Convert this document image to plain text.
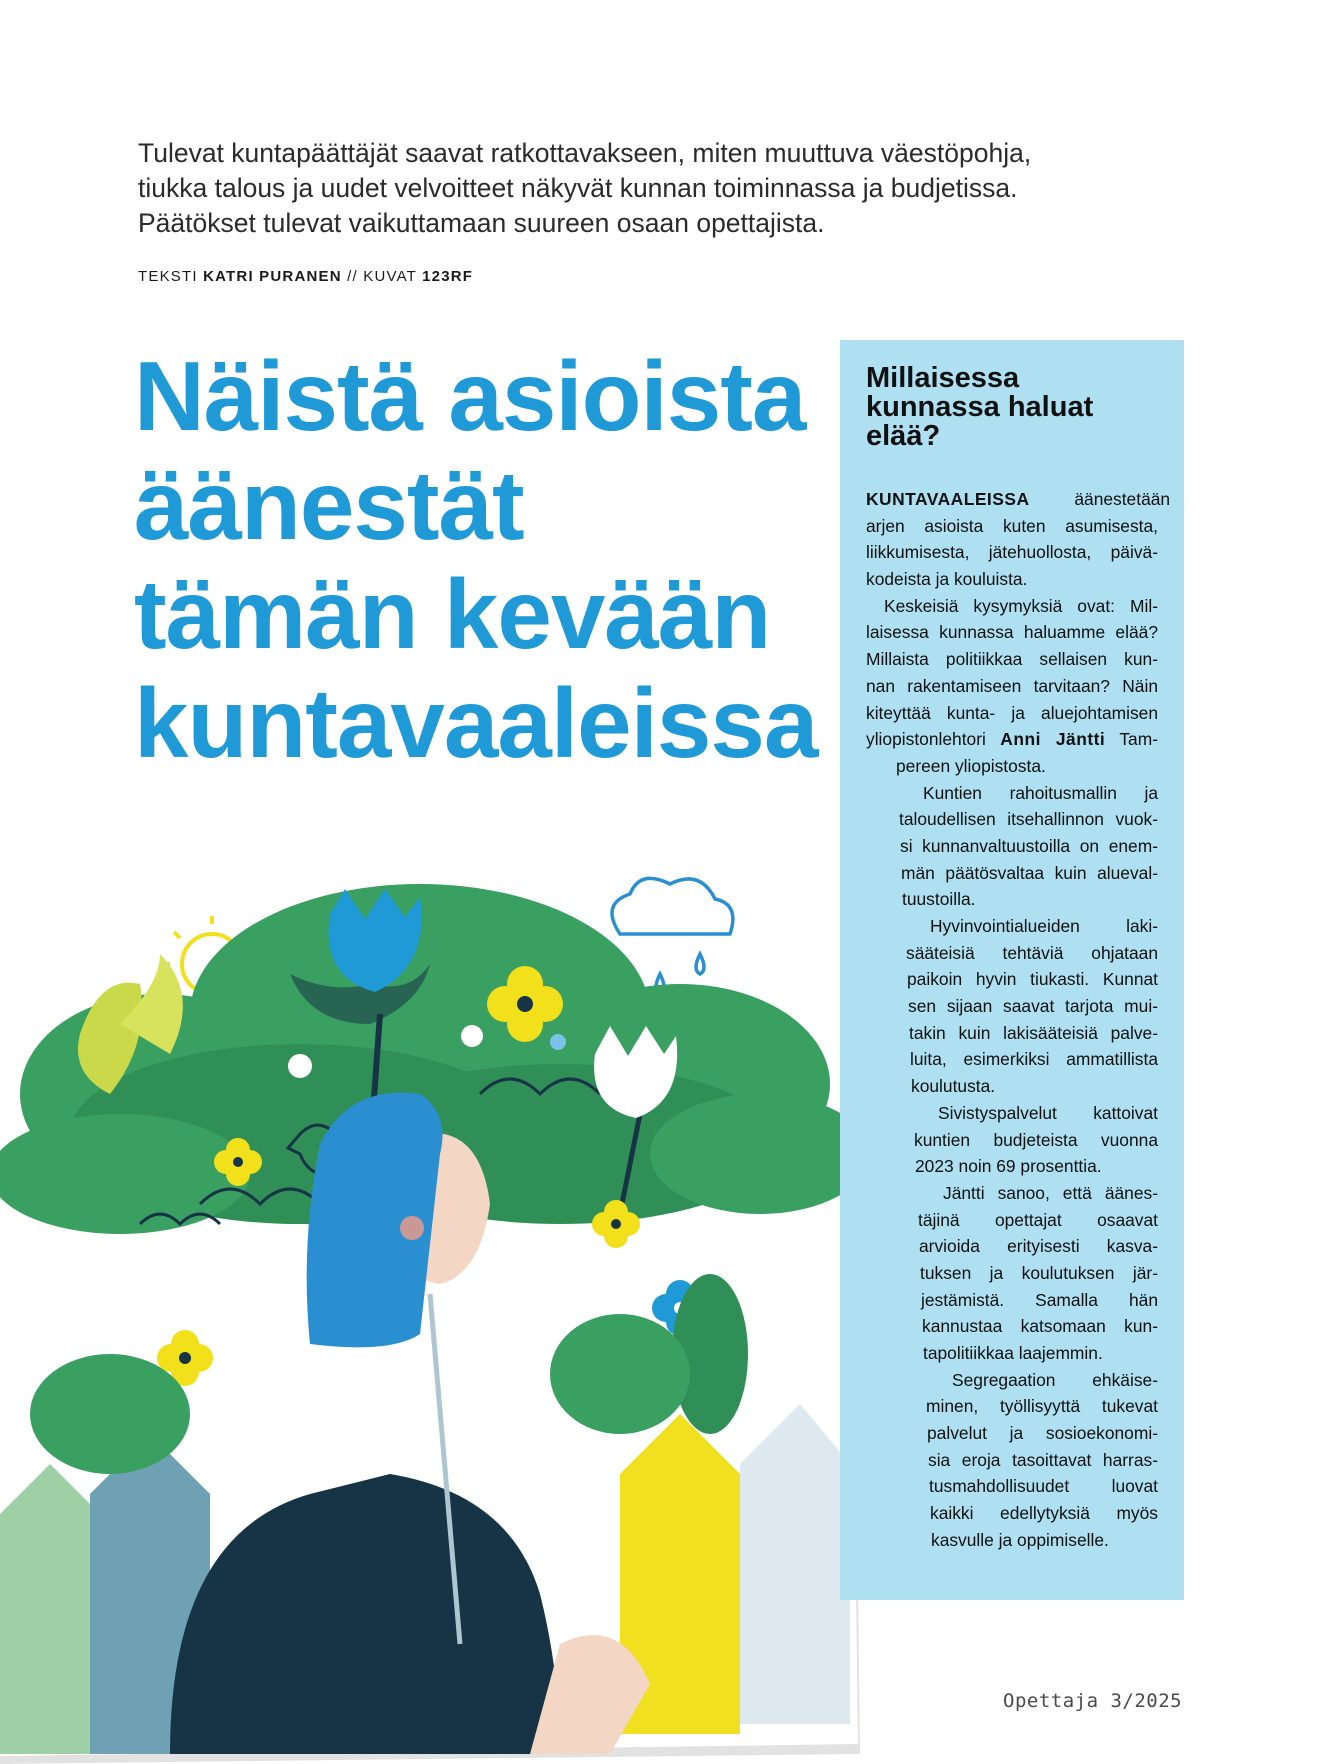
Tulevat kuntapäättäjät saavat ratkottavakseen, miten muuttuva väestöpohja,

tiukka talous ja uudet velvoitteet näkyvät kunnan toiminnassa ja budjetissa.

Päätökset tulevat vaikuttamaan suureen osaan opettajista.

TEKSTI KATRI PURANEN // KUVAT 123RF
Näistä asioista
äänestät
tämän kevään
kuntavaaleissa
Millaisessa
kunnassa haluat
elää?
KUNTAVAALEISSA äänestetään
arjen asioista kuten asumisesta,
liikkumisesta, jätehuollosta, päivä-
kodeista ja kouluista.
Keskeisiä kysymyksiä ovat: Mil-
laisessa kunnassa haluamme elää?
Millaista politiikkaa sellaisen kun-
nan rakentamiseen tarvitaan? Näin
kiteyttää kunta- ja aluejohtamisen
yliopistonlehtori Anni Jäntti Tam-
pereen yliopistosta.
Kuntien rahoitusmallin ja
taloudellisen itsehallinnon vuok-
si kunnanvaltuustoilla on enem-
män päätösvaltaa kuin alueval-
tuustoilla.
Hyvinvointialueiden laki-
sääteisiä tehtäviä ohjataan
paikoin hyvin tiukasti. Kunnat
sen sijaan saavat tarjota mui-
takin kuin lakisääteisiä palve-
luita, esimerkiksi ammatillista
koulutusta.
Sivistyspalvelut kattoivat
kuntien budjeteista vuonna
2023 noin 69 prosenttia.
Jäntti sanoo, että äänes-
täjinä opettajat osaavat
arvioida erityisesti kasva-
tuksen ja koulutuksen jär-
jestämistä. Samalla hän
kannustaa katsomaan kun-
tapolitiikkaa laajemmin.
Segregaation ehkäise-
minen, työllisyyttä tukevat
palvelut ja sosioekonomi-
sia eroja tasoittavat harras-
tusmahdollisuudet luovat
kaikki edellytyksiä myös
kasvulle ja oppimiselle.
Opettaja 3/2025
